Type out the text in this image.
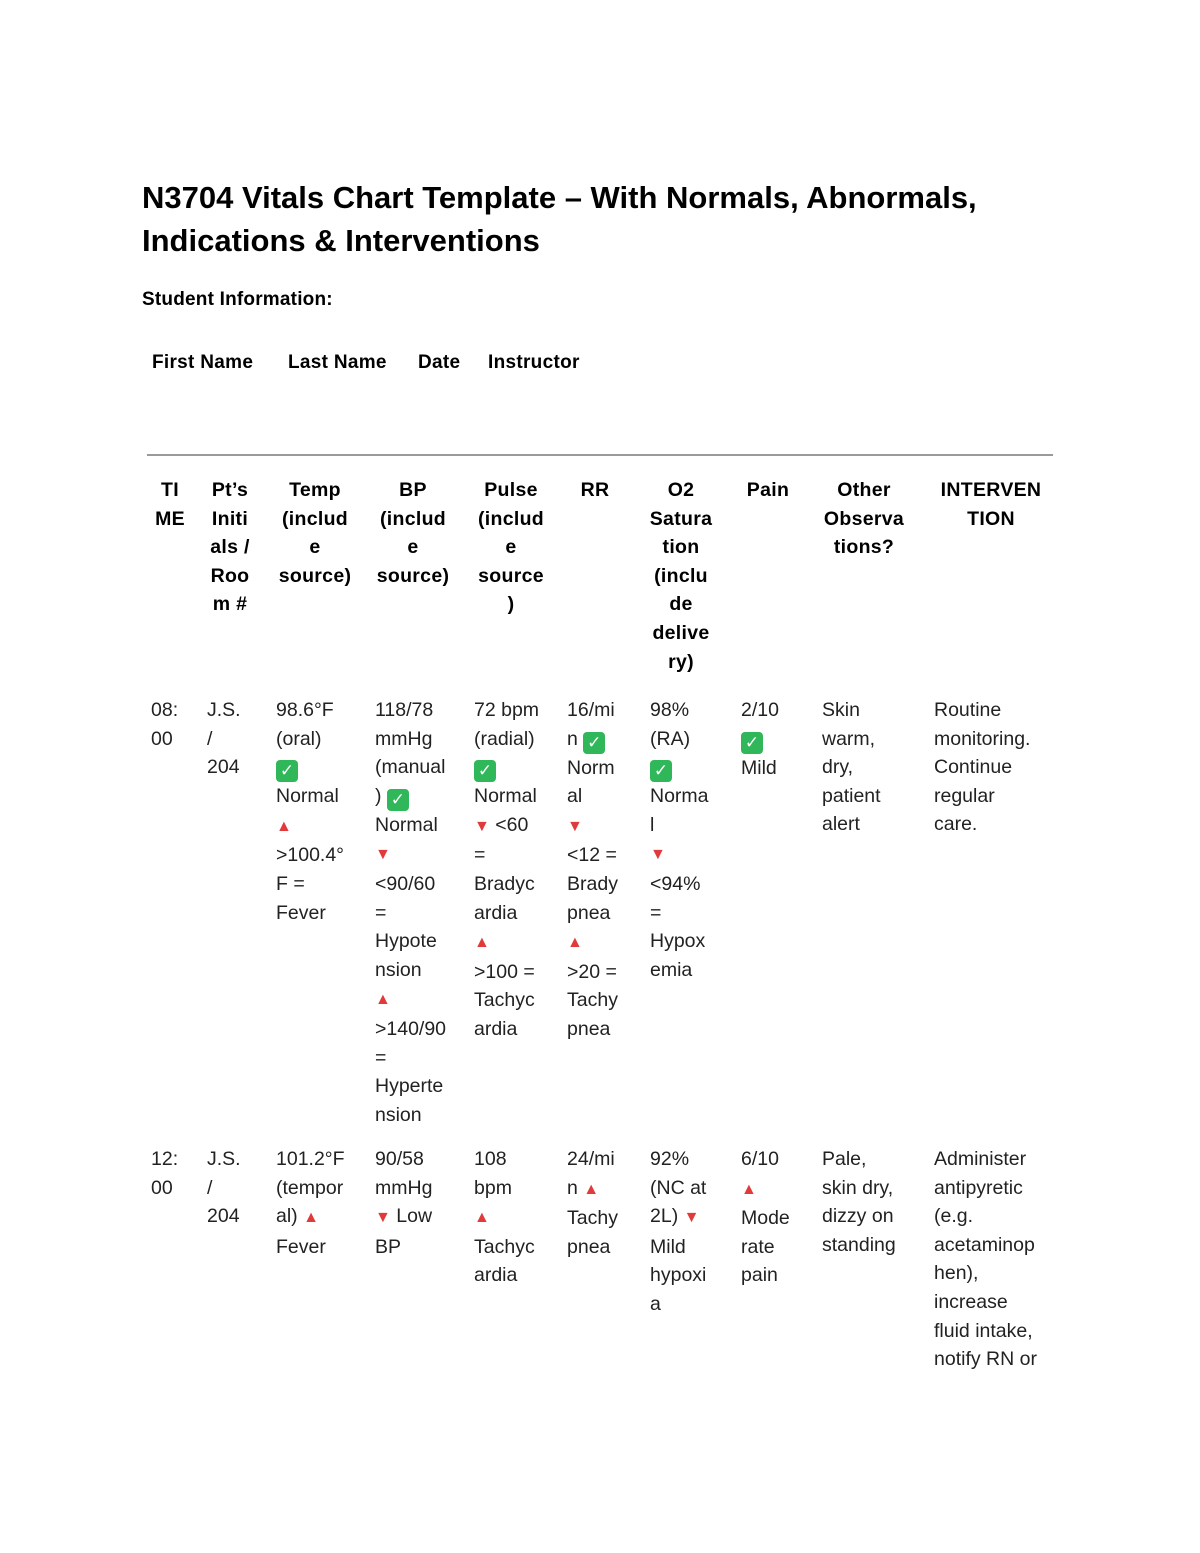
N3704 Vitals Chart Template – With Normals, Abnormals, Indications & Interventions
Student Information:
First Name Last Name Date Instructor
TI
ME
Pt’s
Initi
als /
Roo
m #
Temp
(includ
e
source)
BP
(includ
e
source)
Pulse
(includ
e
source
)
RR	O2
Satura
tion
(inclu
de
delive
ry)
Pain	Other
Observa
tions?
INTERVEN
TION
08:
00
J.S.
/
204
98.6°F
(oral)
✓
Normal
▲
>100.4°
F =
Fever
118/78
mmHg
(manual
) ✓
Normal
▼
<90/60
=
Hypote
nsion
▲
>140/90
=
Hyperte
nsion
72 bpm
(radial)
✓
Normal
▼ <60
=
Bradyc
ardia
▲
>100 =
Tachyc
ardia
16/mi
n ✓
Norm
al
▼
<12 =
Brady
pnea
▲
>20 =
Tachy
pnea
98%
(RA)
✓
Norma
l
▼
<94%
=
Hypox
emia
2/10
✓
Mild
Skin
warm,
dry,
patient
alert
Routine
monitoring.
Continue
regular
care.
12:
00
J.S.
/
204
101.2°F
(tempor
al) ▲
Fever
90/58
mmHg
▼ Low
BP
108
bpm
▲
Tachyc
ardia
24/mi
n ▲
Tachy
pnea
92%
(NC at
2L) ▼
Mild
hypoxi
a
6/10
▲
Mode
rate
pain
Pale,
skin dry,
dizzy on
standing
Administer
antipyretic
(e.g.
acetaminop
hen),
increase
fluid intake,
notify RN or
